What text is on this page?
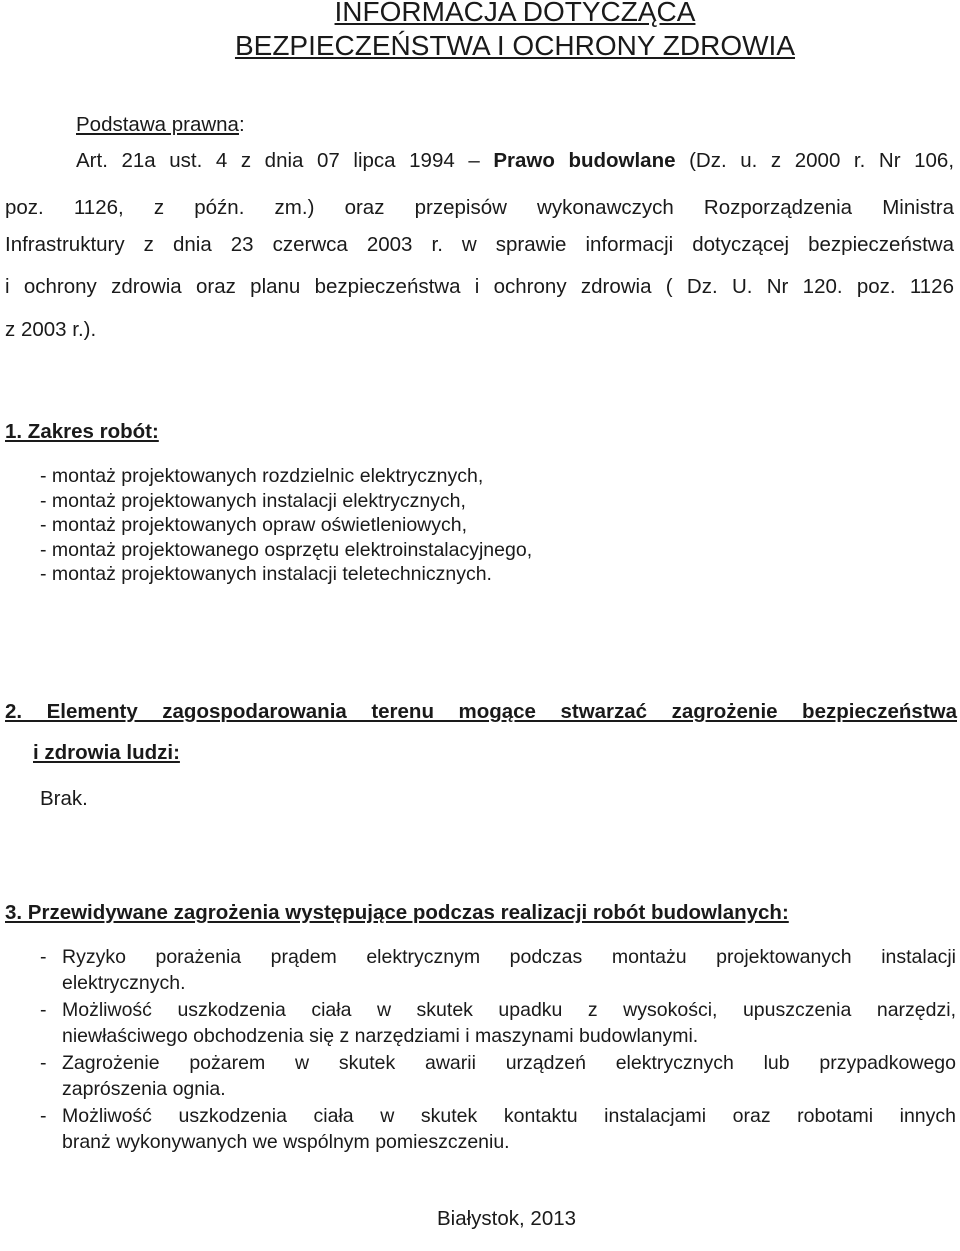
INFORMACJA DOTYCZĄCA
BEZPIECZEŃSTWA I OCHRONY ZDROWIA
Podstawa prawna:
Art. 21a ust. 4 z dnia 07 lipca 1994 – Prawo budowlane (Dz. u. z 2000 r. Nr 106,
poz. 1126, z późn. zm.) oraz przepisów wykonawczych Rozporządzenia Ministra
Infrastruktury z dnia 23 czerwca 2003 r. w sprawie informacji dotyczącej bezpieczeństwa
i ochrony zdrowia oraz planu bezpieczeństwa i ochrony zdrowia ( Dz. U. Nr 120. poz. 1126
z 2003 r.).
1. Zakres robót:
- montaż projektowanych rozdzielnic elektrycznych,
- montaż projektowanych instalacji elektrycznych,
- montaż projektowanych opraw oświetleniowych,
- montaż projektowanego osprzętu elektroinstalacyjnego,
- montaż projektowanych instalacji teletechnicznych.
2. Elementy zagospodarowania terenu mogące stwarzać zagrożenie bezpieczeństwa
i zdrowia ludzi:
Brak.
3. Przewidywane zagrożenia występujące podczas realizacji robót budowlanych:
- Ryzyko porażenia prądem elektrycznym podczas montażu projektowanych instalacji
elektrycznych.
- Możliwość uszkodzenia ciała w skutek upadku z wysokości, upuszczenia narzędzi,
niewłaściwego obchodzenia się z narzędziami i maszynami budowlanymi.
- Zagrożenie pożarem w skutek awarii urządzeń elektrycznych lub przypadkowego
zaprószenia ognia.
- Możliwość uszkodzenia ciała w skutek kontaktu instalacjami oraz robotami innych
branż wykonywanych we wspólnym pomieszczeniu.
Białystok, 2013
